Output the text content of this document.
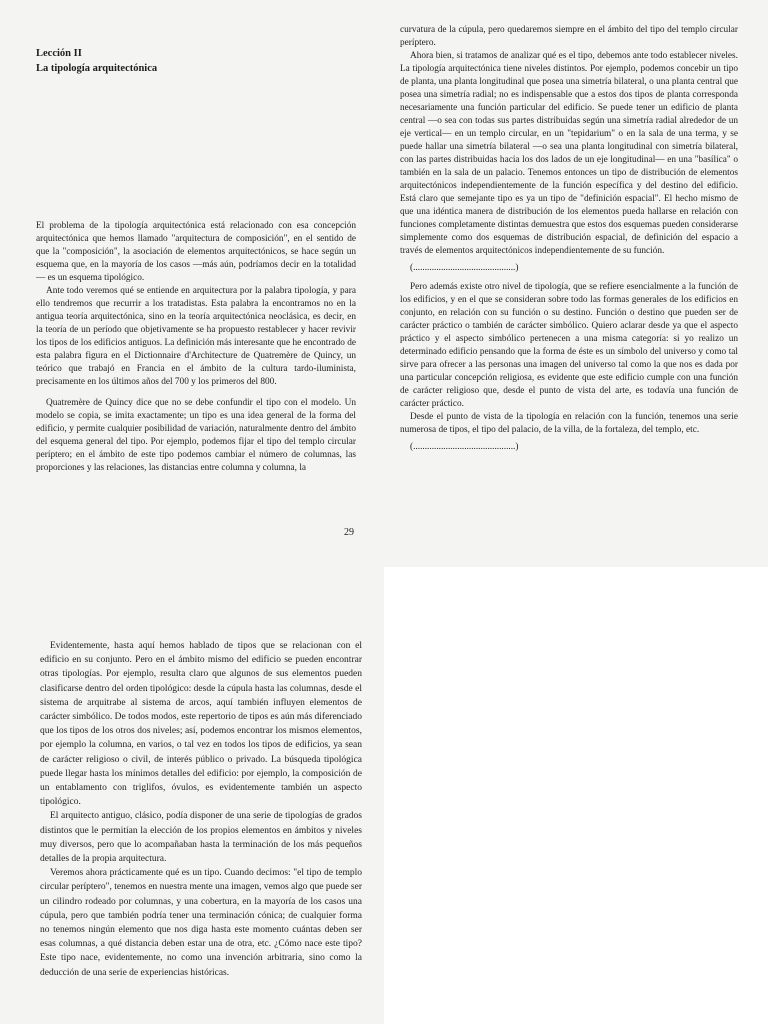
Lección II
La tipología arquitectónica

El problema de la tipología arquitectónica está relacionado con esa concepción arquitectónica que hemos llamado "arquitectura de composición", en el sentido de que la "composición", la asociación de elementos arquitectónicos, se hace según un esquema que, en la mayoría de los casos —más aún, podríamos decir en la totalidad— es un esquema tipológico.

Ante todo veremos qué se entiende en arquitectura por la palabra tipología, y para ello tendremos que recurrir a los tratadistas. Esta palabra la encontramos no en la antigua teoría arquitectónica, sino en la teoría arquitectónica neoclásica, es decir, en la teoría de un período que objetivamente se ha propuesto restablecer y hacer revivir los tipos de los edificios antiguos. La definición más interesante que he encontrado de esta palabra figura en el Dictionnaire d'Architecture de Quatremère de Quincy, un teórico que trabajó en Francia en el ámbito de la cultura tardo-iluminista, precisamente en los últimos años del 700 y los primeros del 800.

Quatremère de Quincy dice que no se debe confundir el tipo con el modelo. Un modelo se copia, se imita exactamente; un tipo es una idea general de la forma del edificio, y permite cualquier posibilidad de variación, naturalmente dentro del ámbito del esquema general del tipo. Por ejemplo, podemos fijar el tipo del templo circular períptero; en el ámbito de este tipo podemos cambiar el número de columnas, las proporciones y las relaciones, las distancias entre columna y columna, la

29

curvatura de la cúpula, pero quedaremos siempre en el ámbito del tipo del templo circular períptero.

Ahora bien, si tratamos de analizar qué es el tipo, debemos ante todo establecer niveles. La tipología arquitectónica tiene niveles distintos. Por ejemplo, podemos concebir un tipo de planta, una planta longitudinal que posea una simetría bilateral, o una planta central que posea una simetría radial; no es indispensable que a estos dos tipos de planta corresponda necesariamente una función particular del edificio. Se puede tener un edificio de planta central —o sea con todas sus partes distribuidas según una simetría radial alrededor de un eje vertical— en un templo circular, en un "tepidarium" o en la sala de una terma, y se puede hallar una simetría bilateral —o sea una planta longitudinal con simetría bilateral, con las partes distribuidas hacia los dos lados de un eje longitudinal— en una "basílica" o también en la sala de un palacio. Tenemos entonces un tipo de distribución de elementos arquitectónicos independientemente de la función específica y del destino del edificio. Está claro que semejante tipo es ya un tipo de "definición espacial". El hecho mismo de que una idéntica manera de distribución de los elementos pueda hallarse en relación con funciones completamente distintas demuestra que estos dos esquemas pueden considerarse simplemente como dos esquemas de distribución espacial, de definición del espacio a través de elementos arquitectónicos independientemente de su función.

(............................................)

Pero además existe otro nivel de tipología, que se refiere esencialmente a la función de los edificios, y en el que se consideran sobre todo las formas generales de los edificios en conjunto, en relación con su función o su destino. Función o destino que pueden ser de carácter práctico o también de carácter simbólico. Quiero aclarar desde ya que el aspecto práctico y el aspecto simbólico pertenecen a una misma categoría: si yo realizo un determinado edificio pensando que la forma de éste es un símbolo del universo y como tal sirve para ofrecer a las personas una imagen del universo tal como la que nos es dada por una particular concepción religiosa, es evidente que este edificio cumple con una función de carácter religioso que, desde el punto de vista del arte, es todavía una función de carácter práctico.

Desde el punto de vista de la tipología en relación con la función, tenemos una serie numerosa de tipos, el tipo del palacio, de la villa, de la fortaleza, del templo, etc.

(............................................)

Evidentemente, hasta aquí hemos hablado de tipos que se relacionan con el edificio en su conjunto. Pero en el ámbito mismo del edificio se pueden encontrar otras tipologías. Por ejemplo, resulta claro que algunos de sus elementos pueden clasificarse dentro del orden tipológico: desde la cúpula hasta las columnas, desde el sistema de arquitrabe al sistema de arcos, aquí también influyen elementos de carácter simbólico. De todos modos, este repertorio de tipos es aún más diferenciado que los tipos de los otros dos niveles; así, podemos encontrar los mismos elementos, por ejemplo la columna, en varios, o tal vez en todos los tipos de edificios, ya sean de carácter religioso o civil, de interés público o privado. La búsqueda tipológica puede llegar hasta los mínimos detalles del edificio: por ejemplo, la composición de un entablamento con triglifos, óvulos, es evidentemente también un aspecto tipológico.

El arquitecto antiguo, clásico, podía disponer de una serie de tipologías de grados distintos que le permitían la elección de los propios elementos en ámbitos y niveles muy diversos, pero que lo acompañaban hasta la terminación de los más pequeños detalles de la propia arquitectura.

Veremos ahora prácticamente qué es un tipo. Cuando decimos: "el tipo de templo circular períptero", tenemos en nuestra mente una imagen, vemos algo que puede ser un cilindro rodeado por columnas, y una cobertura, en la mayoría de los casos una cúpula, pero que también podría tener una terminación cónica; de cualquier forma no tenemos ningún elemento que nos diga hasta este momento cuántas deben ser esas columnas, a qué distancia deben estar una de otra, etc. ¿Cómo nace este tipo? Este tipo nace, evidentemente, no como una invención arbitraria, sino como la deducción de una serie de experiencias históricas.
